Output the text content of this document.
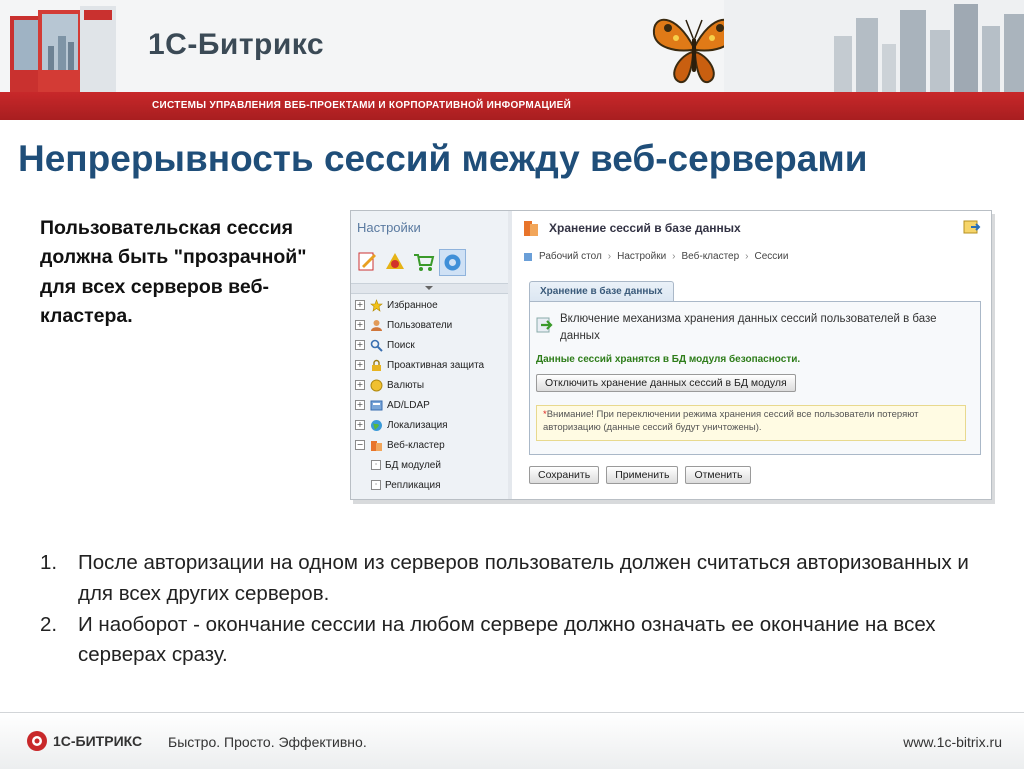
1С-Битрикс
СИСТЕМЫ УПРАВЛЕНИЯ ВЕБ-ПРОЕКТАМИ И КОРПОРАТИВНОЙ ИНФОРМАЦИЕЙ
Непрерывность сессий между веб-серверами
Пользовательская сессия должна быть "прозрачной" для всех серверов веб-кластера.
Настройки
+ Избранное
+ Пользователи
+ Поиск
+ Проактивная защита
+ Валюты
+ AD/LDAP
+ Локализация
− Веб-кластер
· БД модулей
· Репликация
Хранение сессий в базе данных
Рабочий стол › Настройки › Веб-кластер › Сессии
Хранение в базе данных
Включение механизма хранения данных сессий пользователей в базе данных
Данные сессий хранятся в БД модуля безопасности.
Отключить хранение данных сессий в БД модуля
*Внимание! При переключении режима хранения сессий все пользователи потеряют авторизацию (данные сессий будут уничтожены).
Сохранить	Применить	Отменить
1.	После авторизации на одном из серверов пользователь должен считаться авторизованных и для всех других серверов.
2.	И наоборот - окончание сессии на любом сервере должно означать ее окончание на всех серверах сразу.
1С-БИТРИКС Быстро. Просто. Эффективно.	www.1c-bitrix.ru
